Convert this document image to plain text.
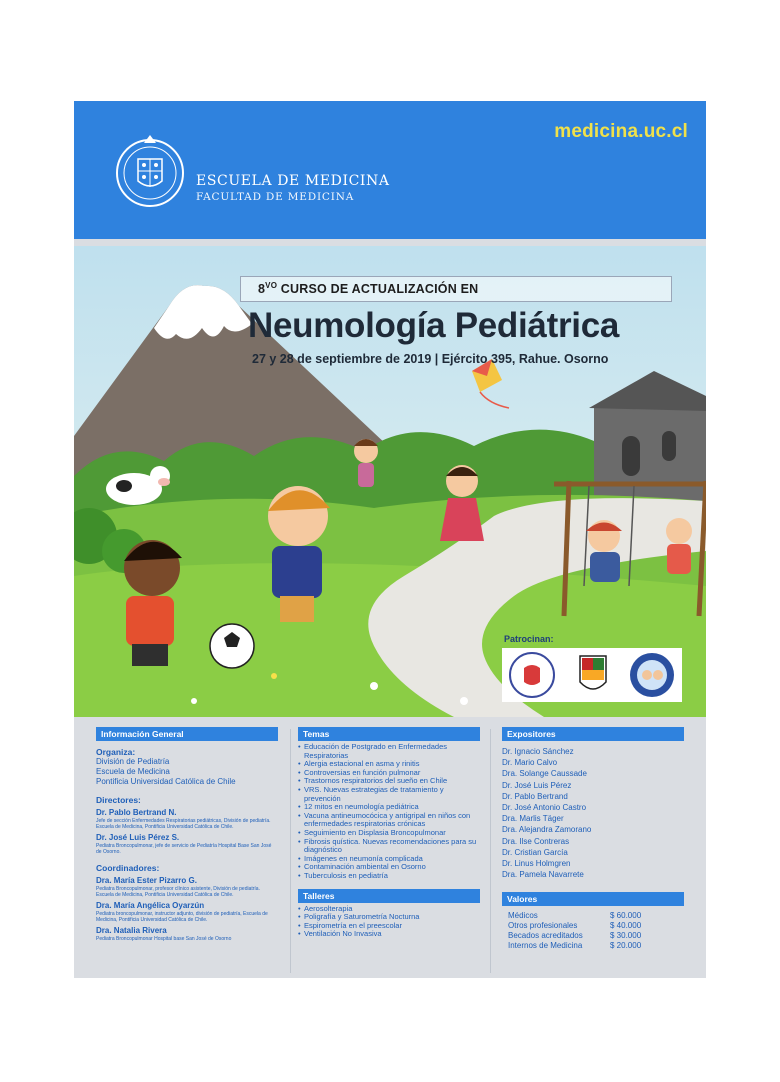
medicina.uc.cl
ESCUELA DE MEDICINA
FACULTAD DE MEDICINA
$8^{VO}$ CURSO DE ACTUALIZACIÓN EN
Neumología Pediátrica
27 y 28 de septiembre de 2019 | Ejército 395, Rahue. Osorno
Patrocinan:
Información General
Organiza:
División de Pediatría
Escuela de Medicina
Pontificia Universidad Católica de Chile
Directores:
Dr. Pablo Bertrand N.
Jefe de sección Enfermedades Respiratorias pediátricas, División de pediatría. Escuela de Medicina, Pontificia Universidad Católica de Chile.
Dr. José Luis Pérez S.
Pediatra Broncopulmonar, jefe de servicio de Pediatría Hospital Base San José de Osorno.
Coordinadores:
Dra. María Ester Pizarro G.
Pediatra Broncopulmonar, profesor clínico asistente, División de pediatría. Escuela de Medicina, Pontificia Universidad Católica de Chile.
Dra. María Angélica Oyarzún
Pediatra broncopulmonar, instructor adjunto, división de pediatría, Escuela de Medicina, Pontificia Universidad Católica de Chile.
Dra. Natalia Rivera
Pediatra Broncopulmonar Hospital base San José de Osorno
Temas
• Educación de Postgrado en Enfermedades Respiratorias
• Alergia estacional en asma y rinitis
• Controversias en función pulmonar
• Trastornos respiratorios del sueño en Chile
• VRS. Nuevas estrategias de tratamiento y prevención
• 12 mitos en neumología pediátrica
• Vacuna antineumocócica y antigripal en niños con enfermedades respiratorias crónicas
• Seguimiento en Displasia Broncopulmonar
• Fibrosis quística. Nuevas recomendaciones para su diagnóstico
• Imágenes en neumonía complicada
• Contaminación ambiental en Osorno
• Tuberculosis en pediatría
Talleres
• Aerosolterapia
• Poligrafía y Saturometría Nocturna
• Espirometría en el preescolar
• Ventilación No Invasiva
Expositores
Dr. Ignacio Sánchez
Dr. Mario Calvo
Dra. Solange Caussade
Dr. José Luis Pérez
Dr. Pablo Bertrand
Dr. José Antonio Castro
Dra. Marlis Täger
Dra. Alejandra Zamorano
Dra. Ilse Contreras
Dr. Cristian García
Dr. Linus Holmgren
Dra. Pamela Navarrete
Valores
Médicos	$ 60.000
Otros profesionales	$ 40.000
Becados acreditados	$ 30.000
Internos de Medicina	$ 20.000
